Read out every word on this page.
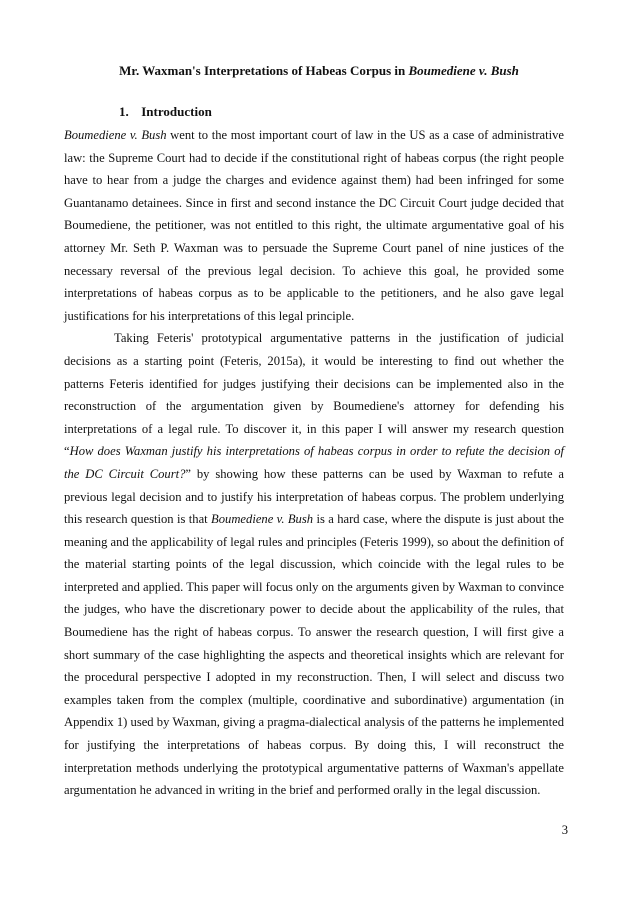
Mr. Waxman's Interpretations of Habeas Corpus in Boumediene v. Bush
1. Introduction

Boumediene v. Bush went to the most important court of law in the US as a case of administrative law: the Supreme Court had to decide if the constitutional right of habeas corpus (the right people have to hear from a judge the charges and evidence against them) had been infringed for some Guantanamo detainees. Since in first and second instance the DC Circuit Court judge decided that Boumediene, the petitioner, was not entitled to this right, the ultimate argumentative goal of his attorney Mr. Seth P. Waxman was to persuade the Supreme Court panel of nine justices of the necessary reversal of the previous legal decision. To achieve this goal, he provided some interpretations of habeas corpus as to be applicable to the petitioners, and he also gave legal justifications for his interpretations of this legal principle.

Taking Feteris' prototypical argumentative patterns in the justification of judicial decisions as a starting point (Feteris, 2015a), it would be interesting to find out whether the patterns Feteris identified for judges justifying their decisions can be implemented also in the reconstruction of the argumentation given by Boumediene's attorney for defending his interpretations of a legal rule. To discover it, in this paper I will answer my research question “How does Waxman justify his interpretations of habeas corpus in order to refute the decision of the DC Circuit Court?” by showing how these patterns can be used by Waxman to refute a previous legal decision and to justify his interpretation of habeas corpus. The problem underlying this research question is that Boumediene v. Bush is a hard case, where the dispute is just about the meaning and the applicability of legal rules and principles (Feteris 1999), so about the definition of the material starting points of the legal discussion, which coincide with the legal rules to be interpreted and applied. This paper will focus only on the arguments given by Waxman to convince the judges, who have the discretionary power to decide about the applicability of the rules, that Boumediene has the right of habeas corpus. To answer the research question, I will first give a short summary of the case highlighting the aspects and theoretical insights which are relevant for the procedural perspective I adopted in my reconstruction. Then, I will select and discuss two examples taken from the complex (multiple, coordinative and subordinative) argumentation (in Appendix 1) used by Waxman, giving a pragma-dialectical analysis of the patterns he implemented for justifying the interpretations of habeas corpus. By doing this, I will reconstruct the interpretation methods underlying the prototypical argumentative patterns of Waxman's appellate argumentation he advanced in writing in the brief and performed orally in the legal discussion.

3
